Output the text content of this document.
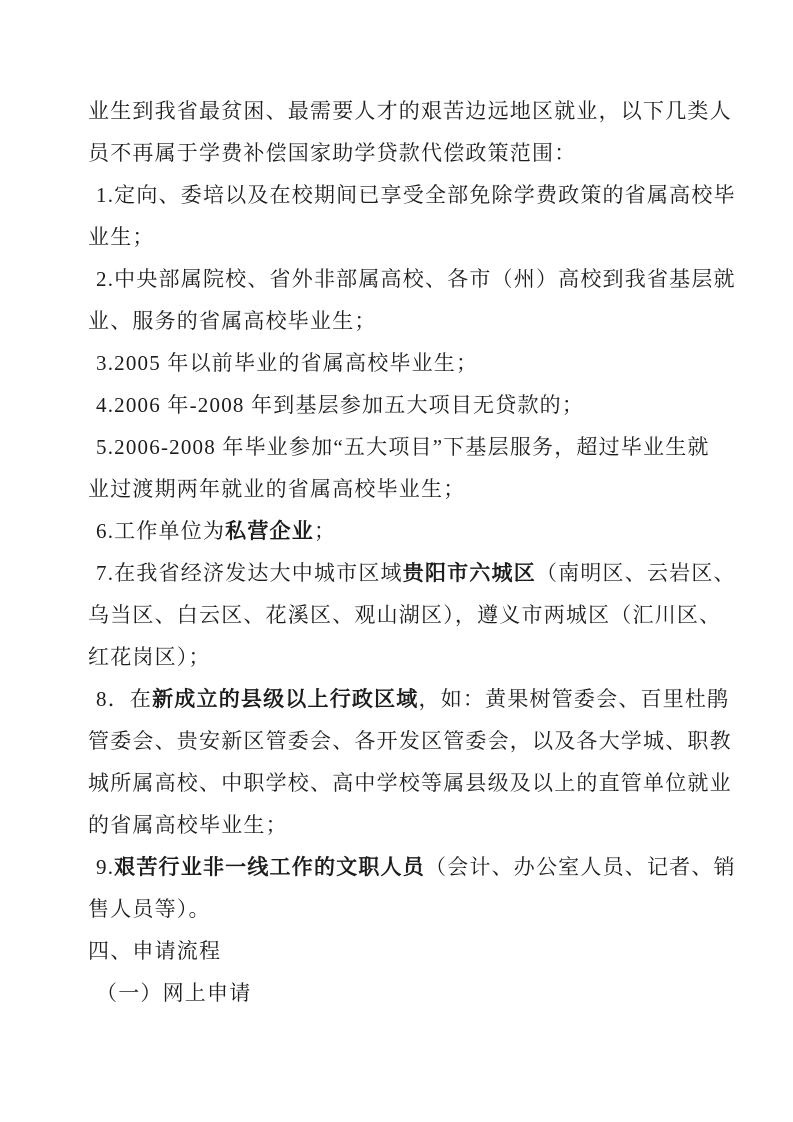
业生到我省最贫困、最需要人才的艰苦边远地区就业，以下几类人
员不再属于学费补偿国家助学贷款代偿政策范围：
1.定向、委培以及在校期间已享受全部免除学费政策的省属高校毕
业生；
2.中央部属院校、省外非部属高校、各市（州）高校到我省基层就
业、服务的省属高校毕业生；
3.2005 年以前毕业的省属高校毕业生；
4.2006 年-2008 年到基层参加五大项目无贷款的；
5.2006-2008 年毕业参加“五大项目”下基层服务，超过毕业生就
业过渡期两年就业的省属高校毕业生；
6.工作单位为私营企业；
7.在我省经济发达大中城市区域贵阳市六城区（南明区、云岩区、
乌当区、白云区、花溪区、观山湖区），遵义市两城区（汇川区、
红花岗区）；
8．在新成立的县级以上行政区域，如：黄果树管委会、百里杜鹃
管委会、贵安新区管委会、各开发区管委会，以及各大学城、职教
城所属高校、中职学校、高中学校等属县级及以上的直管单位就业
的省属高校毕业生；
9.艰苦行业非一线工作的文职人员（会计、办公室人员、记者、销
售人员等）。
四、申请流程
（一）网上申请
